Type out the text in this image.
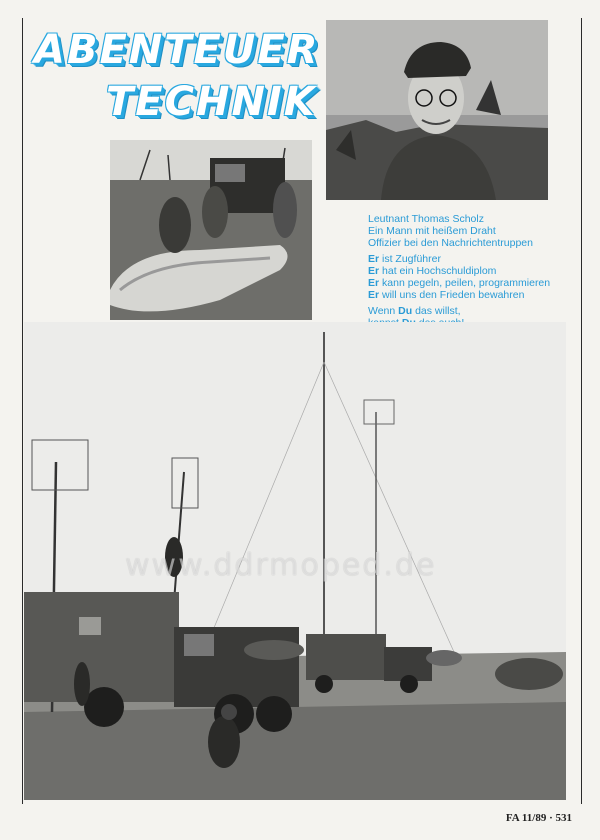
ABENTEUER
TECHNIK
Leutnant Thomas Scholz
Ein Mann mit heißem Draht
Offizier bei den Nachrichtentruppen
Er ist Zugführer
Er hat ein Hochschuldiplom
Er kann pegeln, peilen, programmieren
Er will uns den Frieden bewahren
Wenn Du das willst,
www.ddrmoped.de
FA 11/89 · 531
